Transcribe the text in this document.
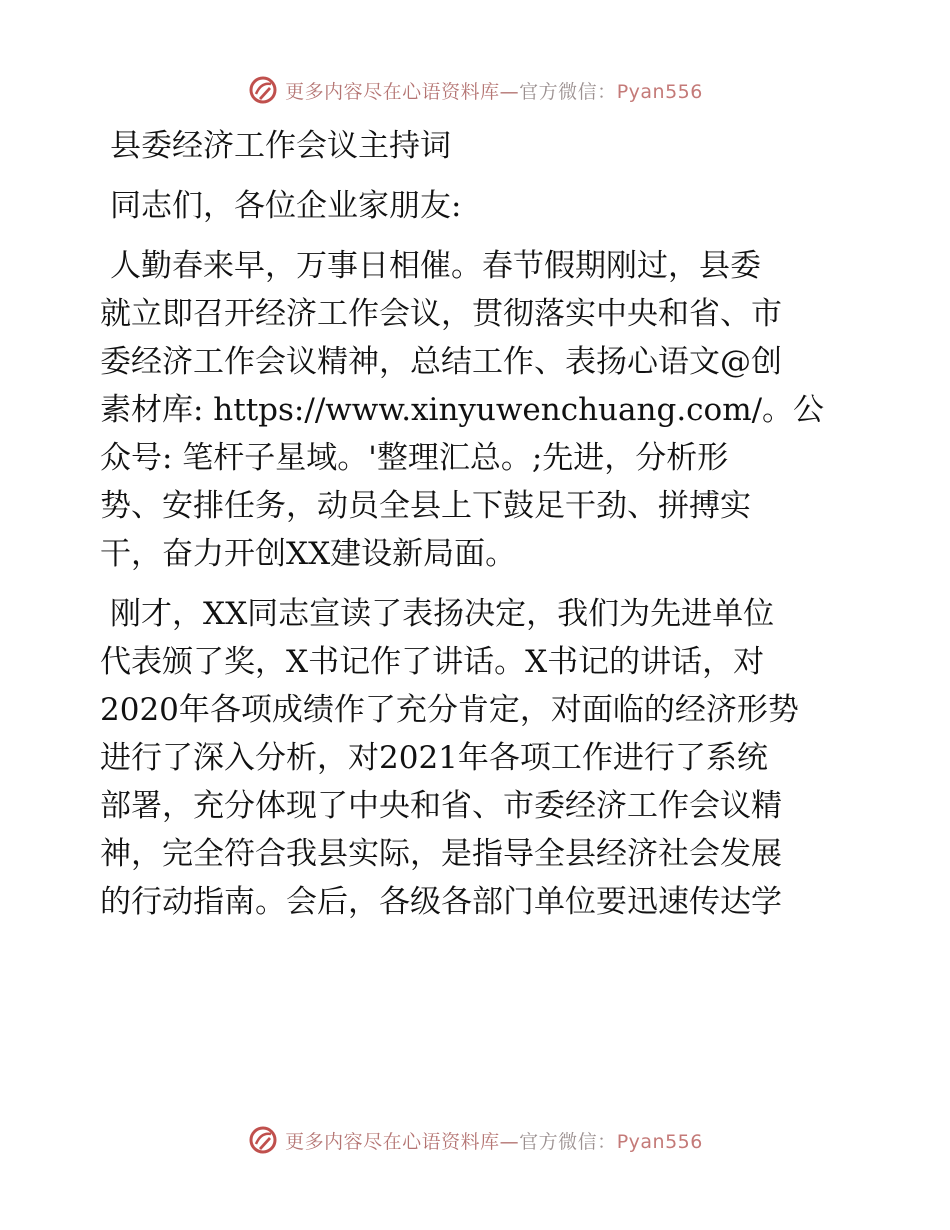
更多内容尽在心语资料库—官方微信：Pyan556
县委经济工作会议主持词
同志们，各位企业家朋友:
人勤春来早，万事日相催。春节假期刚过，县委
就立即召开经济工作会议，贯彻落实中央和省、市
委经济工作会议精神，总结工作、表扬心语文@创
素材库: https://www.xinyuwenchuang.com/。公
众号: 笔杆子星域。'整理汇总。;先进，分析形
势、安排任务，动员全县上下鼓足干劲、拼搏实
干，奋力开创XX建设新局面。
刚才，XX同志宣读了表扬决定，我们为先进单位
代表颁了奖，X书记作了讲话。X书记的讲话，对
2020年各项成绩作了充分肯定，对面临的经济形势
进行了深入分析，对2021年各项工作进行了系统
部署，充分体现了中央和省、市委经济工作会议精
神，完全符合我县实际，是指导全县经济社会发展
的行动指南。会后，各级各部门单位要迅速传达学
更多内容尽在心语资料库—官方微信：Pyan556
